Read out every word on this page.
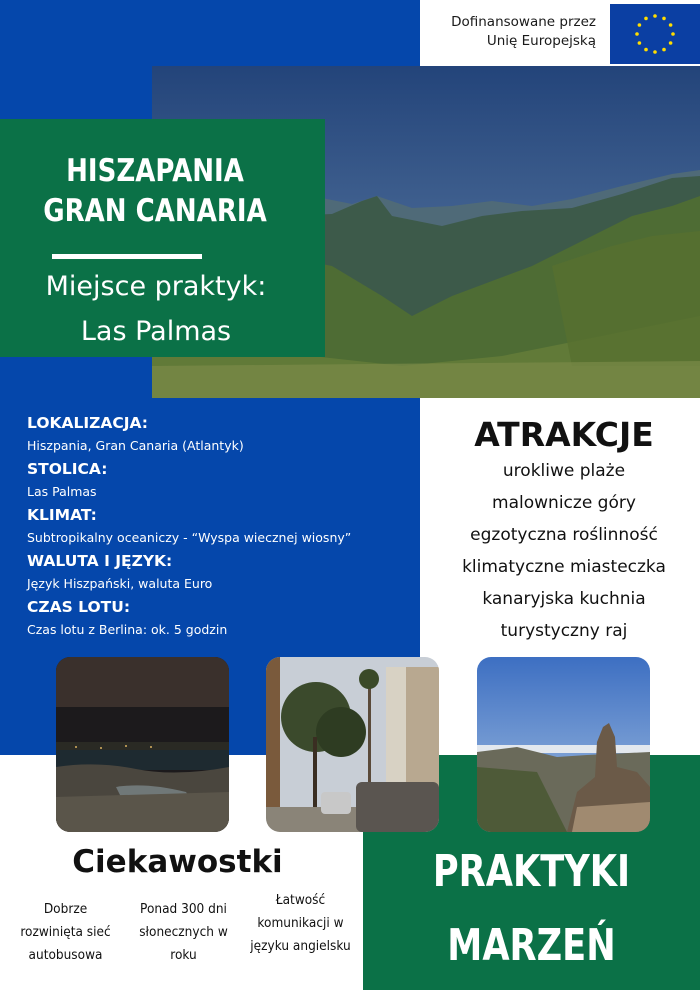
Dofinansowane przez
Unię Europejską
HISZAPANIA
GRAN CANARIA
Miejsce praktyk:
Las Palmas
LOKALIZACJA:
Hiszpania, Gran Canaria (Atlantyk)
STOLICA:
Las Palmas
KLIMAT:
Subtropikalny oceaniczy - “Wyspa wiecznej wiosny”
WALUTA I JĘZYK:
Język Hiszpański, waluta Euro
CZAS LOTU:
Czas lotu z Berlina: ok. 5 godzin
ATRAKCJE
urokliwe plaże
malownicze góry
egzotyczna roślinność
klimatyczne miasteczka
kanaryjska kuchnia
turystyczny raj
Ciekawostki
Dobrze
rozwinięta sieć
autobusowa
Ponad 300 dni
słonecznych w
roku
Łatwość
komunikacji w
języku angielsku
PRAKTYKI
MARZEŃ
